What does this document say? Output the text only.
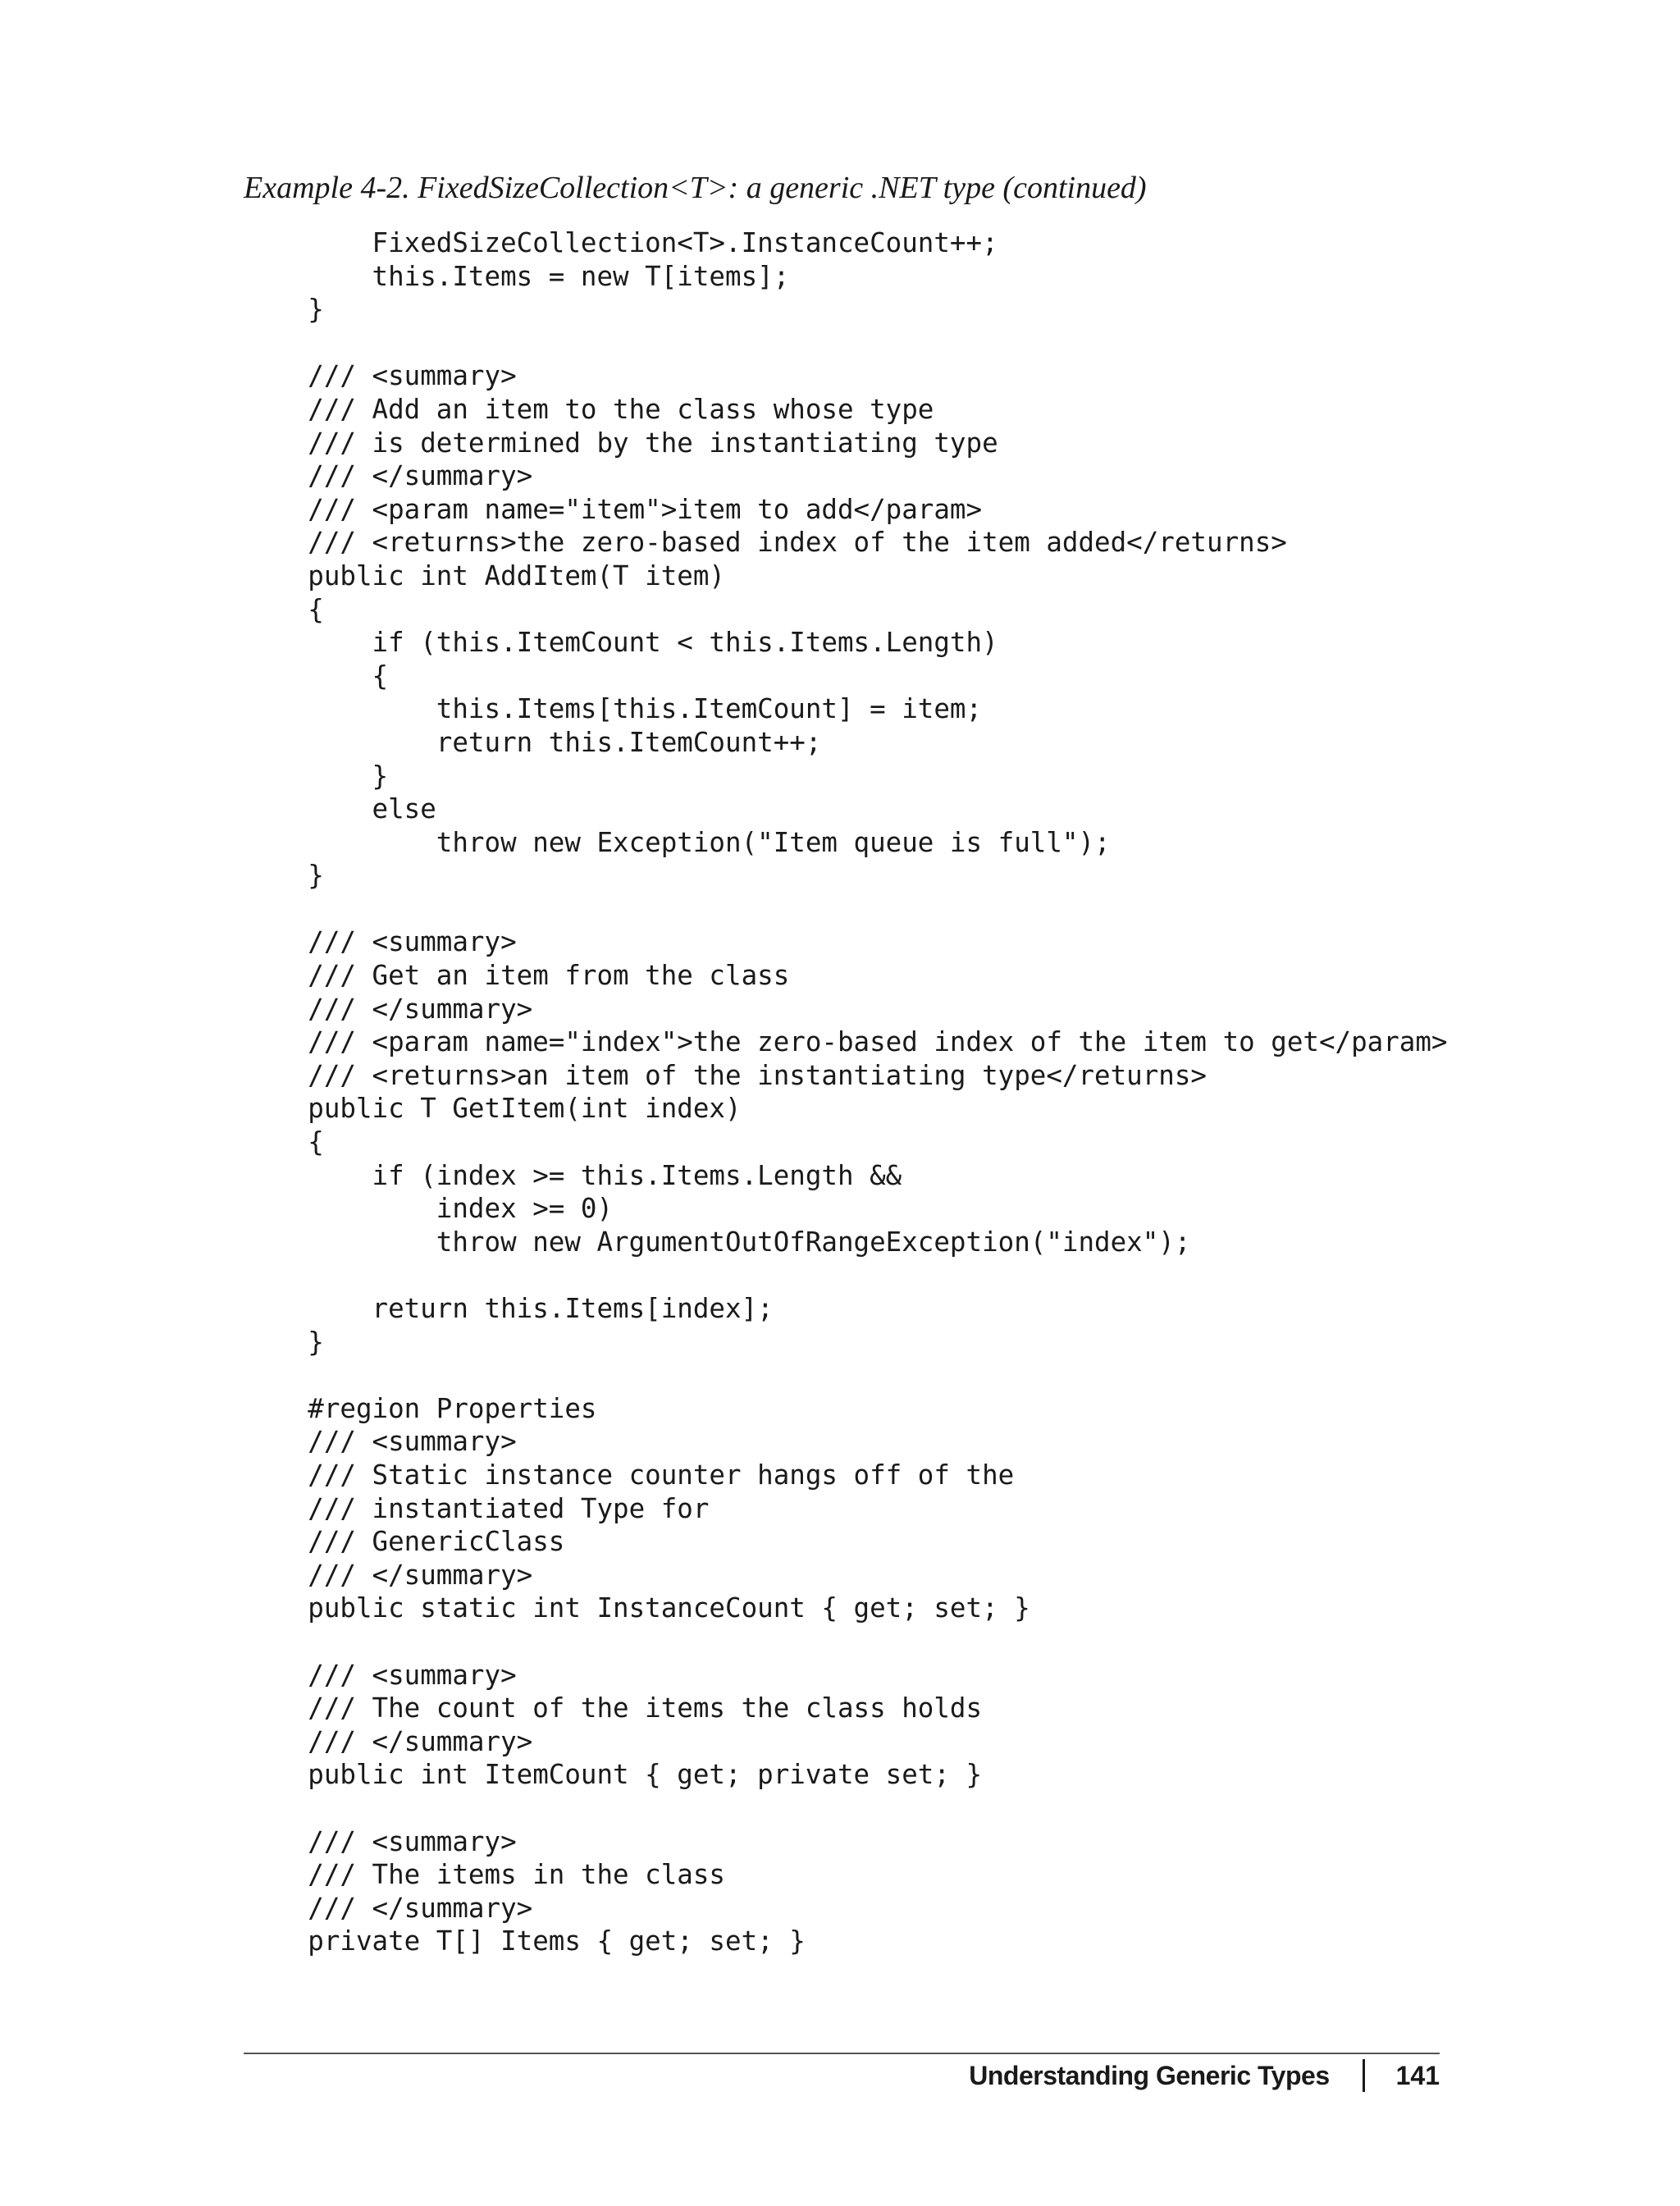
Example 4-2. FixedSizeCollection<T>: a generic .NET type (continued)
FixedSizeCollection<T>.InstanceCount++;
this.Items = new T[items];
}
/// <summary>
/// Add an item to the class whose type
/// is determined by the instantiating type
/// </summary>
/// <param name="item">item to add</param>
/// <returns>the zero-based index of the item added</returns>
public int AddItem(T item)
{
if (this.ItemCount < this.Items.Length)
{
this.Items[this.ItemCount] = item;
return this.ItemCount++;
}
else
throw new Exception("Item queue is full");
}
/// <summary>
/// Get an item from the class
/// </summary>
/// <param name="index">the zero-based index of the item to get</param>
/// <returns>an item of the instantiating type</returns>
public T GetItem(int index)
{
if (index >= this.Items.Length &&
index >= 0)
throw new ArgumentOutOfRangeException("index");
return this.Items[index];
}
#region Properties
/// <summary>
/// Static instance counter hangs off of the
/// instantiated Type for
/// GenericClass
/// </summary>
public static int InstanceCount { get; set; }
/// <summary>
/// The count of the items the class holds
/// </summary>
public int ItemCount { get; private set; }
/// <summary>
/// The items in the class
/// </summary>
private T[] Items { get; set; }
Understanding Generic Types	141
